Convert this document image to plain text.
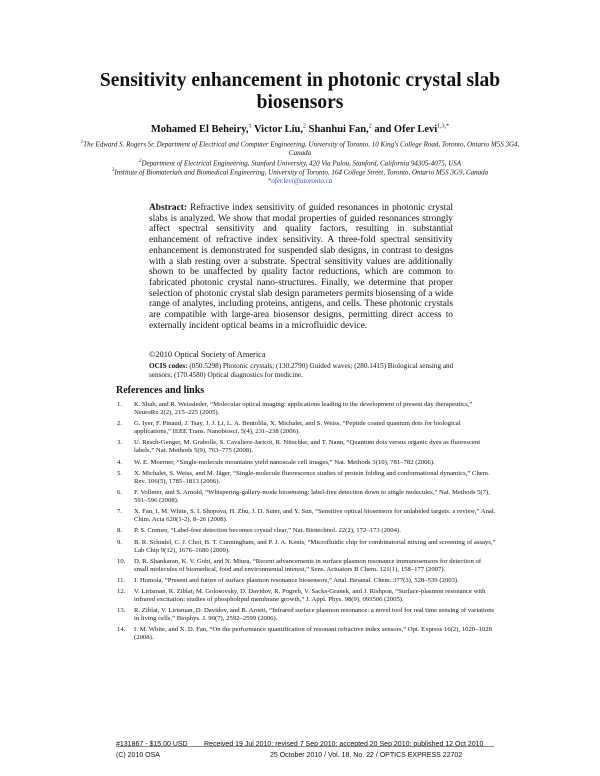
Sensitivity enhancement in photonic crystal slab biosensors
Mohamed El Beheiry,$^1$ Victor Liu,$^2$ Shanhui Fan,$^2$ and Ofer Levi$^{1,3,*}$
$^1$The Edward S. Rogers Sr. Department of Electrical and Computer Engineering, University of Toronto, 10 King's College Road, Toronto, Ontario M5S 3G4, Canada
$^2$Department of Electrical Engineering, Stanford University, 420 Via Palou, Stanford, California 94305-4075, USA
$^3$Institute of Biomaterials and Biomedical Engineering, University of Toronto, 164 College Street, Toronto, Ontario M5S 3G9, Canada
*ofer.levi@utoronto.ca
Abstract: Refractive index sensitivity of guided resonances in photonic crystal slabs is analyzed. We show that modal properties of guided resonances strongly affect spectral sensitivity and quality factors, resulting in substantial enhancement of refractive index sensitivity. A three-fold spectral sensitivity enhancement is demonstrated for suspended slab designs, in contrast to designs with a slab resting over a substrate. Spectral sensitivity values are additionally shown to be unaffected by quality factor reductions, which are common to fabricated photonic crystal nano-structures. Finally, we determine that proper selection of photonic crystal slab design parameters permits biosensing of a wide range of analytes, including proteins, antigens, and cells. These photonic crystals are compatible with large-area biosensor designs, permitting direct access to externally incident optical beams in a microfluidic device.
©2010 Optical Society of America
OCIS codes: (050.5298) Photonic crystals; (130.2790) Guided waves; (280.1415) Biological sensing and sensors; (170.4580) Optical diagnostics for medicine.
References and links
1. K. Shah, and R. Weissleder, “Molecular optical imaging: applications leading to the development of present day therapeutics,” NeuroRx 2(2), 215–225 (2005).
2. G. Iyer, F. Pinaud, J. Tsay, J. J. Li, L. A. Bentolila, X. Michalet, and S. Weiss, “Peptide coated quantum dots for biological applications,” IEEE Trans. Nanobiosci. 5(4), 231–238 (2006).
3. U. Resch-Genger, M. Grabolle, S. Cavaliere-Jaricot, R. Nitschke, and T. Nann, “Quantum dots versus organic dyes as fluorescent labels,” Nat. Methods 5(9), 763–775 (2008).
4. W. E. Moerner, “Single-molecule mountains yield nanoscale cell images,” Nat. Methods 3(10), 781–782 (2006).
5. X. Michalet, S. Weiss, and M. Jäger, “Single-molecule fluorescence studies of protein folding and conformational dynamics,” Chem. Rev. 106(5), 1785–1813 (2006).
6. F. Vollmer, and S. Arnold, “Whispering-gallery-mode biosensing: label-free detection down to single molecules,” Nat. Methods 5(7), 591–596 (2008).
7. X. Fan, I. M. White, S. I. Shopova, H. Zhu, J. D. Suter, and Y. Sun, “Sensitive optical biosensors for unlabeled targets: a review,” Anal. Chim. Acta 620(1-2), 8–26 (2008).
8. P. S. Cremer, “Label-free detection becomes crystal clear,” Nat. Biotechnol. 22(2), 172–173 (2004).
9. B. R. Schudel, C. J. Choi, B. T. Cunningham, and P. J. A. Kenis, “Microfluidic chip for combinatorial mixing and screening of assays,” Lab Chip 9(12), 1676–1680 (2009).
10. D. R. Shankaran, K. V. Gobi, and N. Miura, “Recent advancements in surface plasmon resonance immunosensors for detection of small molecules of biomedical, food and environmental interest,” Sens. Actuators B Chem. 121(1), 158–177 (2007).
11. J. Homola, “Present and future of surface plasmon resonance biosensors,” Anal. Bioanal. Chem. 377(3), 528–539 (2003).
12. V. Lirtsman, R. Ziblat, M. Golosovsky, D. Davidov, R. Pogreb, V. Sacks-Granek, and J. Rishpon, “Surface-plasmon resonance with infrared excitation: studies of phospholipid membrane growth,” J. Appl. Phys. 98(9), 093506 (2005).
13. R. Ziblat, V. Lirtsman, D. Davidov, and B. Aroeti, “Infrared surface plasmon resonance: a novel tool for real time sensing of variations in living cells,” Biophys. J. 90(7), 2592–2599 (2006).
14. I. M. White, and X. D. Fan, “On the performance quantification of resonant refractive index sensors,” Opt. Express 16(2), 1020–1028 (2008).
#131867 - $15.00 USD Received 19 Jul 2010; revised 7 Sep 2010; accepted 20 Sep 2010; published 12 Oct 2010
(C) 2010 OSA	25 October 2010 / Vol. 18, No. 22 / OPTICS EXPRESS 22702
